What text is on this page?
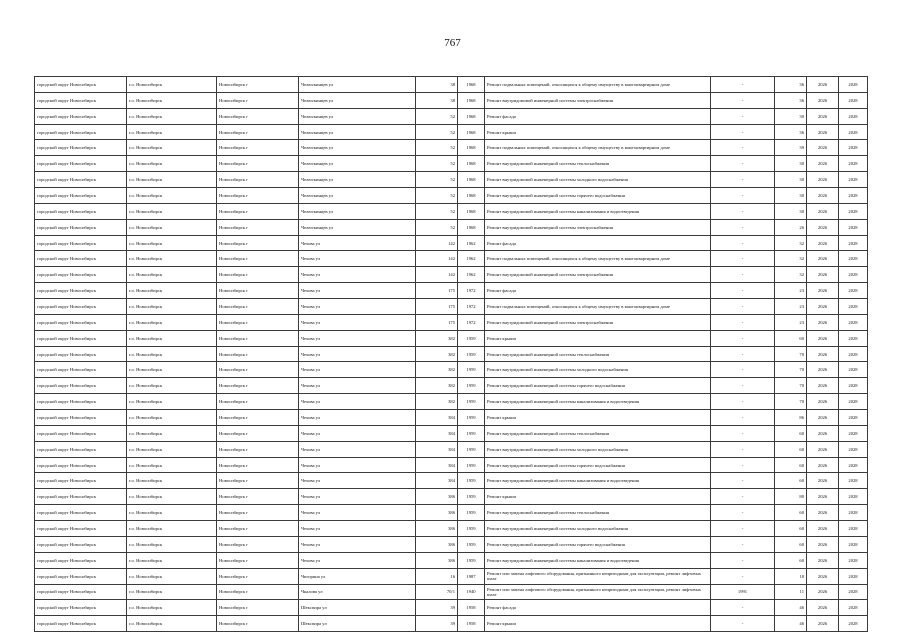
767
городской округ Новосибирск	г.о. Новосибирск	Новосибирск г	Челюскинцев ул	38	1968	Ремонт подвальных помещений, относящихся к общему имуществу в многоквартирном доме	-	36	2026	2028
городской округ Новосибирск	г.о. Новосибирск	Новосибирск г	Челюскинцев ул	38	1968	Ремонт внутридомовой инженерной системы электроснабжения	-	36	2026	2028
городской округ Новосибирск	г.о. Новосибирск	Новосибирск г	Челюскинцев ул	52	1968	Ремонт фасада	-	30	2026	2028
городской округ Новосибирск	г.о. Новосибирск	Новосибирск г	Челюскинцев ул	52	1968	Ремонт крыши	-	36	2026	2028
городской округ Новосибирск	г.о. Новосибирск	Новосибирск г	Челюскинцев ул	52	1968	Ремонт подвальных помещений, относящихся к общему имуществу в многоквартирном доме	-	39	2026	2028
городской округ Новосибирск	г.о. Новосибирск	Новосибирск г	Челюскинцев ул	52	1968	Ремонт внутридомовой инженерной системы теплоснабжения	-	30	2026	2028
городской округ Новосибирск	г.о. Новосибирск	Новосибирск г	Челюскинцев ул	52	1968	Ремонт внутридомовой инженерной системы холодного водоснабжения	-	30	2026	2028
городской округ Новосибирск	г.о. Новосибирск	Новосибирск г	Челюскинцев ул	52	1968	Ремонт внутридомовой инженерной системы горячего водоснабжения	-	30	2026	2028
городской округ Новосибирск	г.о. Новосибирск	Новосибирск г	Челюскинцев ул	52	1968	Ремонт внутридомовой инженерной системы канализования и водоотведения	-	30	2026	2028
городской округ Новосибирск	г.о. Новосибирск	Новосибирск г	Челюскинцев ул	52	1968	Ремонт внутридомовой инженерной системы электроснабжения	-	26	2026	2028
городской округ Новосибирск	г.о. Новосибирск	Новосибирск г	Чехова ул	142	1962	Ремонт фасада	-	32	2026	2028
городской округ Новосибирск	г.о. Новосибирск	Новосибирск г	Чехова ул	142	1962	Ремонт подвальных помещений, относящихся к общему имуществу в многоквартирном доме	-	32	2026	2028
городской округ Новосибирск	г.о. Новосибирск	Новосибирск г	Чехова ул	142	1962	Ремонт внутридомовой инженерной системы электроснабжения	-	32	2026	2028
городской округ Новосибирск	г.о. Новосибирск	Новосибирск г	Чехова ул	175	1972	Ремонт фасада	-	23	2026	2028
городской округ Новосибирск	г.о. Новосибирск	Новосибирск г	Чехова ул	175	1972	Ремонт подвальных помещений, относящихся к общему имуществу в многоквартирном доме	-	23	2026	2028
городской округ Новосибирск	г.о. Новосибирск	Новосибирск г	Чехова ул	175	1972	Ремонт внутридомовой инженерной системы электроснабжения	-	23	2026	2028
городской округ Новосибирск	г.о. Новосибирск	Новосибирск г	Чехова ул	382	1959	Ремонт крыши	-	60	2026	2028
городской округ Новосибирск	г.о. Новосибирск	Новосибирск г	Чехова ул	382	1959	Ремонт внутридомовой инженерной системы теплоснабжения	-	70	2026	2028
городской округ Новосибирск	г.о. Новосибирск	Новосибирск г	Чехова ул	382	1959	Ремонт внутридомовой инженерной системы холодного водоснабжения	-	70	2026	2028
городской округ Новосибирск	г.о. Новосибирск	Новосибирск г	Чехова ул	382	1959	Ремонт внутридомовой инженерной системы горячего водоснабжения	-	70	2026	2028
городской округ Новосибирск	г.о. Новосибирск	Новосибирск г	Чехова ул	382	1959	Ремонт внутридомовой инженерной системы канализования и водоотведения	-	70	2026	2028
городской округ Новосибирск	г.о. Новосибирск	Новосибирск г	Чехова ул	384	1959	Ремонт крыши	-	86	2026	2028
городской округ Новосибирск	г.о. Новосибирск	Новосибирск г	Чехова ул	384	1959	Ремонт внутридомовой инженерной системы теплоснабжения	-	60	2026	2028
городской округ Новосибирск	г.о. Новосибирск	Новосибирск г	Чехова ул	384	1959	Ремонт внутридомовой инженерной системы холодного водоснабжения	-	60	2026	2028
городской округ Новосибирск	г.о. Новосибирск	Новосибирск г	Чехова ул	384	1959	Ремонт внутридомовой инженерной системы горячего водоснабжения	-	60	2026	2028
городской округ Новосибирск	г.о. Новосибирск	Новосибирск г	Чехова ул	384	1959	Ремонт внутридомовой инженерной системы канализования и водоотведения	-	60	2026	2028
городской округ Новосибирск	г.о. Новосибирск	Новосибирск г	Чехова ул	386	1959	Ремонт крыши	-	80	2026	2028
городской округ Новосибирск	г.о. Новосибирск	Новосибирск г	Чехова ул	386	1959	Ремонт внутридомовой инженерной системы теплоснабжения	-	60	2026	2028
городской округ Новосибирск	г.о. Новосибирск	Новосибирск г	Чехова ул	386	1959	Ремонт внутридомовой инженерной системы холодного водоснабжения	-	60	2026	2028
городской округ Новосибирск	г.о. Новосибирск	Новосибирск г	Чехова ул	386	1959	Ремонт внутридомовой инженерной системы горячего водоснабжения	-	60	2026	2028
городской округ Новосибирск	г.о. Новосибирск	Новосибирск г	Чехова ул	386	1959	Ремонт внутридомовой инженерной системы канализования и водоотведения	-	60	2026	2028
городской округ Новосибирск	г.о. Новосибирск	Новосибирск г	Чигорина ул	16	1987	Ремонт или замена лифтового оборудования, признанного непригодным для эксплуатации, ремонт лифтовых шахт	-	18	2026	2028
городской округ Новосибирск	г.о. Новосибирск	Новосибирск г	Чкалова ул	70/1	1940	Ремонт или замена лифтового оборудования, признанного непригодным для эксплуатации, ремонт лифтовых шахт	1991	11	2026	2028
городской округ Новосибирск	г.о. Новосибирск	Новосибирск г	Шекспира ул	39	1958	Ремонт фасада	-	46	2026	2028
городской округ Новосибирск	г.о. Новосибирск	Новосибирск г	Шекспира ул	39	1958	Ремонт крыши	-	46	2026	2028
